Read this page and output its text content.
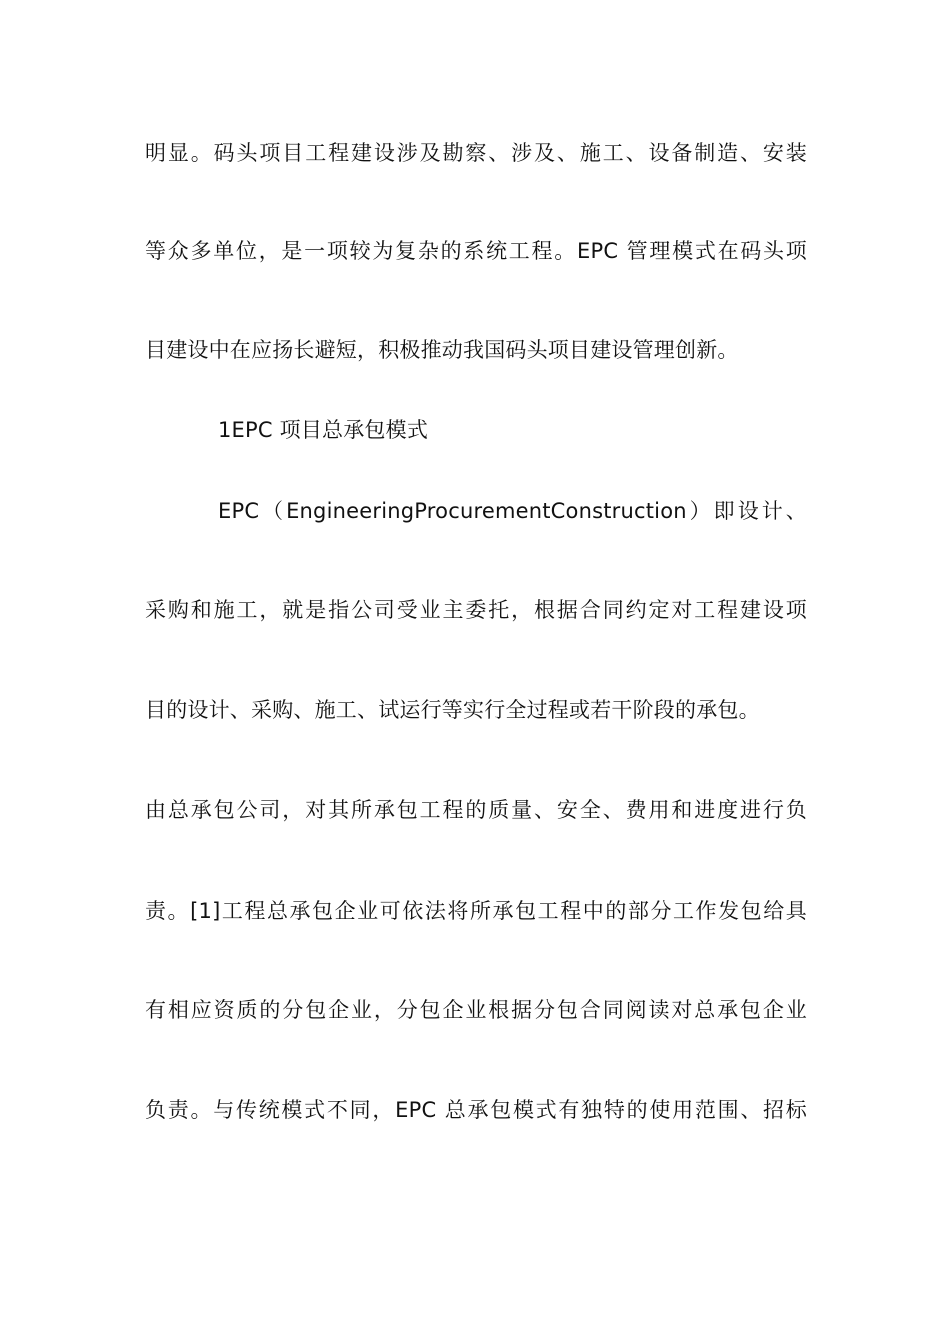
明显。码头项目工程建设涉及勘察、涉及、施工、设备制造、安装
等众多单位，是一项较为复杂的系统工程。EPC 管理模式在码头项
目建设中在应扬长避短，积极推动我国码头项目建设管理创新。
1EPC 项目总承包模式
EPC（EngineeringProcurementConstruction）即设计、
采购和施工，就是指公司受业主委托，根据合同约定对工程建设项
目的设计、采购、施工、试运行等实行全过程或若干阶段的承包。
由总承包公司，对其所承包工程的质量、安全、费用和进度进行负
责。[1]工程总承包企业可依法将所承包工程中的部分工作发包给具
有相应资质的分包企业，分包企业根据分包合同阅读对总承包企业
负责。与传统模式不同，EPC 总承包模式有独特的使用范围、招标
